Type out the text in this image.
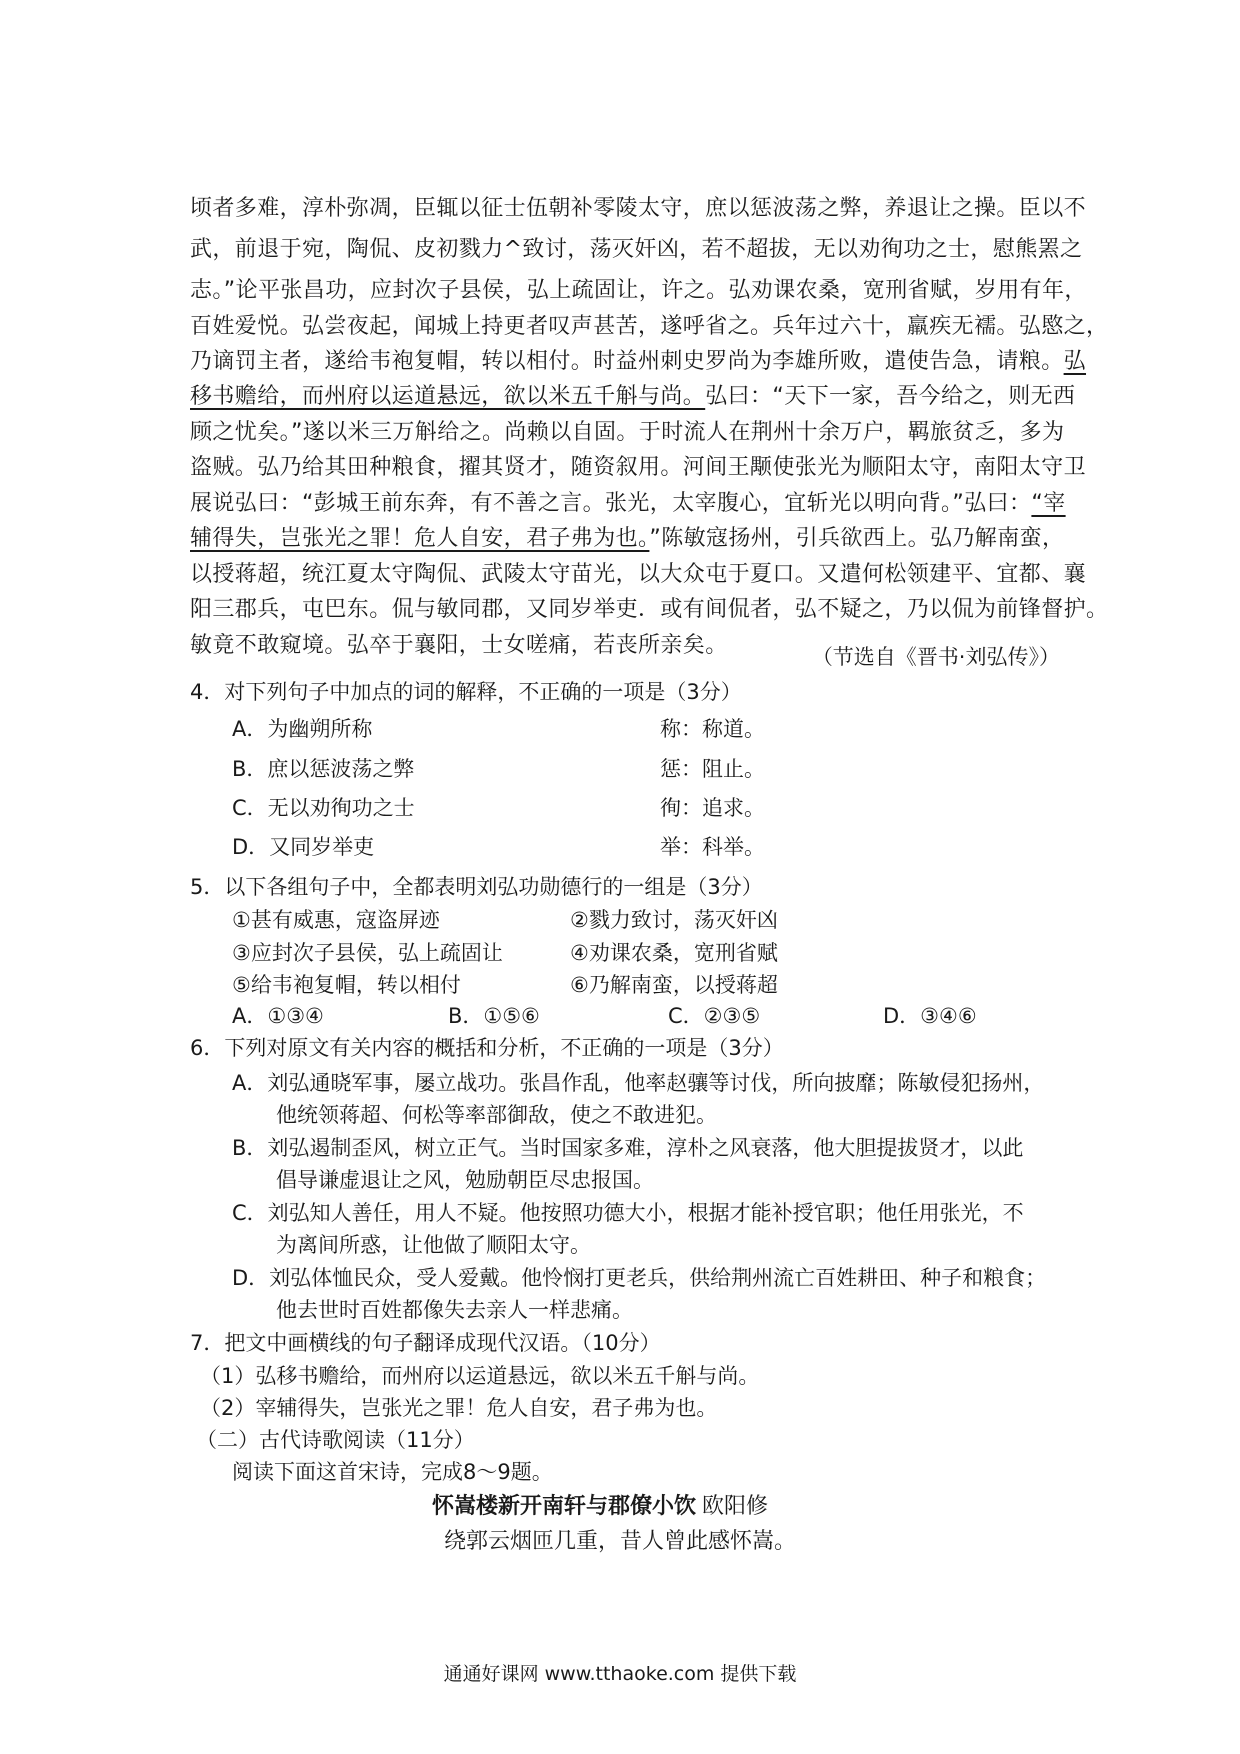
顷者多难，淳朴弥凋，臣辄以征士伍朝补零陵太守，庶以惩波荡之弊，养退让之操。臣以不
武，前退于宛，陶侃、皮初戮力^致讨，荡灭奸凶，若不超拔，无以劝徇功之士，慰熊罴之
志。”论平张昌功，应封次子县侯，弘上疏固让，许之。弘劝课农桑，宽刑省赋，岁用有年，
百姓爱悦。弘尝夜起，闻城上持更者叹声甚苦，遂呼省之。兵年过六十，羸疾无襦。弘愍之，
乃谪罚主者，遂给韦袍复帽，转以相付。时益州刺史罗尚为李雄所败，遣使告急，请粮。弘
移书赡给，而州府以运道悬远，欲以米五千斛与尚。弘曰：“天下一家，吾今给之，则无西
顾之忧矣。”遂以米三万斛给之。尚赖以自固。于时流人在荆州十余万户，羁旅贫乏，多为
盗贼。弘乃给其田种粮食，擢其贤才，随资叙用。河间王颙使张光为顺阳太守，南阳太守卫
展说弘曰：“彭城王前东奔，有不善之言。张光，太宰腹心，宜斩光以明向背。”弘曰：“宰
辅得失，岂张光之罪！危人自安，君子弗为也。”陈敏寇扬州，引兵欲西上。弘乃解南蛮，
以授蒋超，统江夏太守陶侃、武陵太守苗光，以大众屯于夏口。又遣何松领建平、宜都、襄
阳三郡兵，屯巴东。侃与敏同郡，又同岁举吏．或有间侃者，弘不疑之，乃以侃为前锋督护。
敏竟不敢窥境。弘卒于襄阳，士女嗟痛，若丧所亲矣。	（节选自《晋书·刘弘传》）
4．对下列句子中加点的词的解释，不正确的一项是（3分）
A．为幽朔所称	称：称道。
B．庶以惩波荡之弊	惩：阻止。
C．无以劝徇功之士	徇：追求。
D．又同岁举吏	举：科举。
5．以下各组句子中，全都表明刘弘功勋德行的一组是（3分）
①甚有威惠，寇盗屏迹	②戮力致讨，荡灭奸凶
③应封次子县侯，弘上疏固让	④劝课农桑，宽刑省赋
⑤给韦袍复帽，转以相付	⑥乃解南蛮，以授蒋超
A．①③④	B．①⑤⑥	C．②③⑤	D．③④⑥
6．下列对原文有关内容的概括和分析，不正确的一项是（3分）
A．刘弘通晓军事，屡立战功。张昌作乱，他率赵骧等讨伐，所向披靡；陈敏侵犯扬州，
他统领蒋超、何松等率部御敌，使之不敢进犯。
B．刘弘遏制歪风，树立正气。当时国家多难，淳朴之风衰落，他大胆提拔贤才，以此
倡导谦虚退让之风，勉励朝臣尽忠报国。
C．刘弘知人善任，用人不疑。他按照功德大小，根据才能补授官职；他任用张光，不
为离间所惑，让他做了顺阳太守。
D．刘弘体恤民众，受人爱戴。他怜悯打更老兵，供给荆州流亡百姓耕田、种子和粮食；
他去世时百姓都像失去亲人一样悲痛。
7．把文中画横线的句子翻译成现代汉语。（10分）
（1）弘移书赡给，而州府以运道悬远，欲以米五千斛与尚。
（2）宰辅得失，岂张光之罪！危人自安，君子弗为也。
（二）古代诗歌阅读（11分）
阅读下面这首宋诗，完成8～9题。
怀嵩楼新开南轩与郡僚小饮 欧阳修
绕郭云烟匝几重，昔人曾此感怀嵩。
通通好课网 www.tthaoke.com 提供下载
